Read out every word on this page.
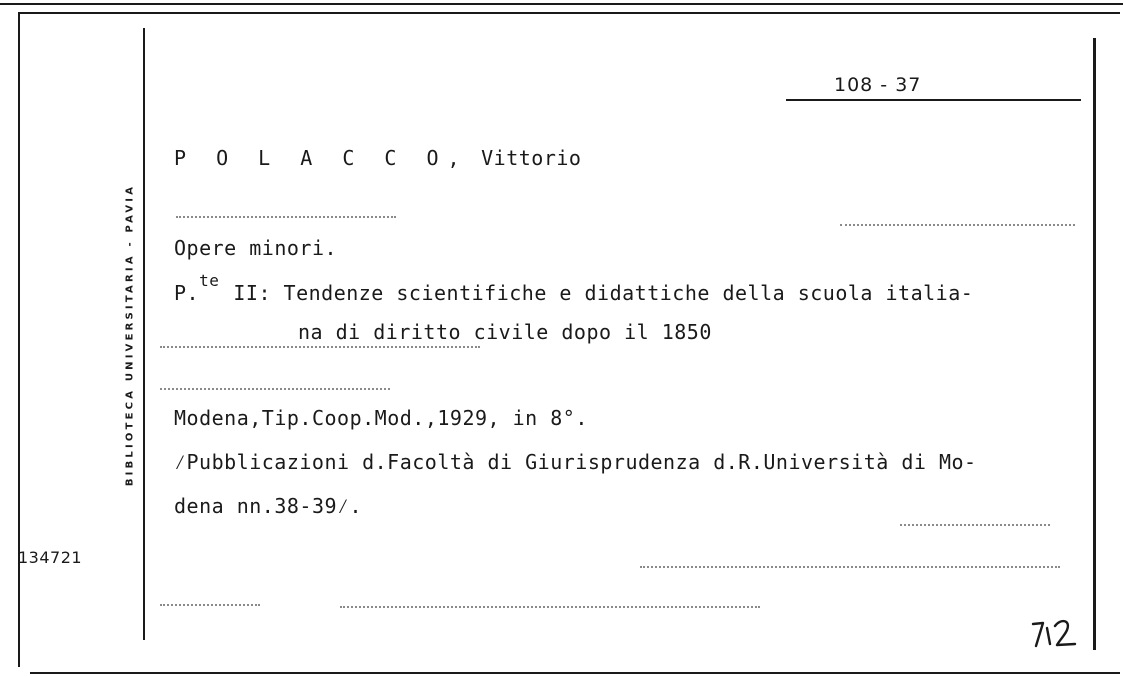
108 - 37
P O L A C C O, Vittorio
Opere minori.
P.$^{te}$II: Tendenze scientifiche e didattiche della scuola italia-
na di diritto civile dopo il 1850
Modena,Tip.Coop.Mod.,1929, in 8°.
⁄Pubblicazioni d.Facoltà di Giurisprudenza d.R.Università di Mo-
dena nn.38-39⁄.
BIBLIOTECA UNIVERSITARIA - PAVIA
134721
